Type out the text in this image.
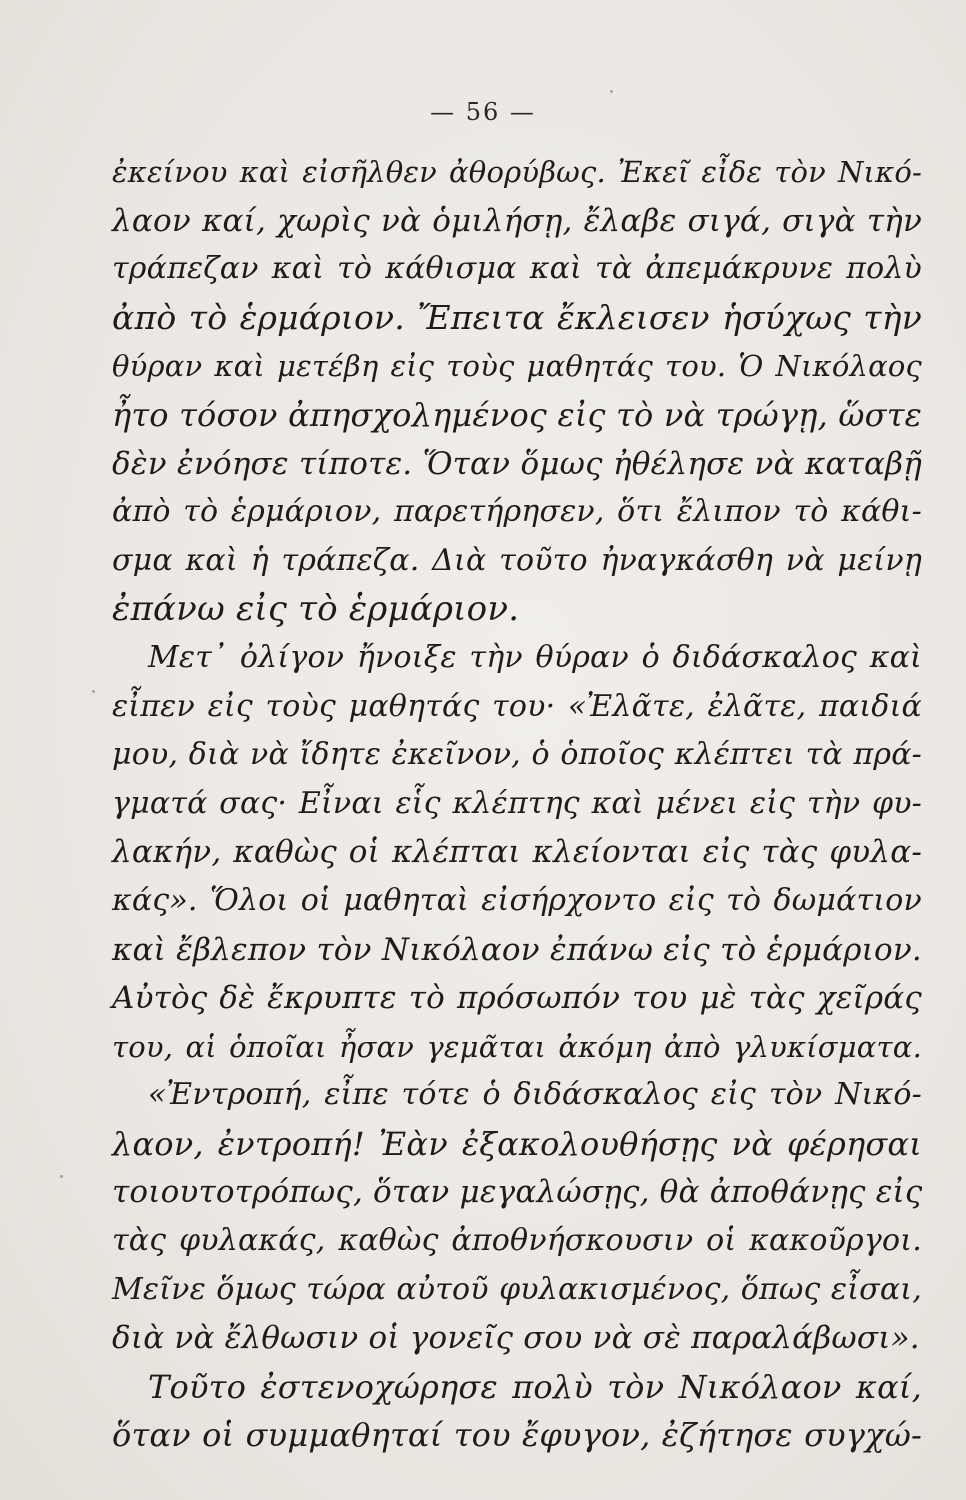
— 56 —
ἐκείνου καὶ εἰσῆλθεν ἀθορύβως. Ἐκεῖ εἶδε τὸν Νικό-
λαον καί, χωρὶς νὰ ὁμιλήσῃ, ἔλαβε σιγά, σιγὰ τὴν
τράπεζαν καὶ τὸ κάθισμα καὶ τὰ ἀπεμάκρυνε πολὺ
ἀπὸ τὸ ἑρμάριον. Ἔπειτα ἔκλεισεν ἡσύχως τὴν
θύραν καὶ μετέβη εἰς τοὺς μαθητάς του. Ὁ Νικόλαος
ἦτο τόσον ἀπησχολημένος εἰς τὸ νὰ τρώγῃ, ὥστε
δὲν ἐνόησε τίποτε. Ὅταν ὅμως ἠθέλησε νὰ καταβῇ
ἀπὸ τὸ ἑρμάριον, παρετήρησεν, ὅτι ἔλιπον τὸ κάθι-
σμα καὶ ἡ τράπεζα. Διὰ τοῦτο ἠναγκάσθη νὰ μείνῃ
ἐπάνω εἰς τὸ ἑρμάριον.
Μετ᾽ ὀλίγον ἤνοιξε τὴν θύραν ὁ διδάσκαλος καὶ
εἶπεν εἰς τοὺς μαθητάς του· «Ἐλᾶτε, ἐλᾶτε, παιδιά
μου, διὰ νὰ ἴδητε ἐκεῖνον, ὁ ὁποῖος κλέπτει τὰ πρά-
γματά σας· Εἶναι εἷς κλέπτης καὶ μένει εἰς τὴν φυ-
λακήν, καθὼς οἱ κλέπται κλείονται εἰς τὰς φυλα-
κάς». Ὅλοι οἱ μαθηταὶ εἰσήρχοντο εἰς τὸ δωμάτιον
καὶ ἔβλεπον τὸν Νικόλαον ἐπάνω εἰς τὸ ἑρμάριον.
Αὐτὸς δὲ ἔκρυπτε τὸ πρόσωπόν του μὲ τὰς χεῖράς
του, αἱ ὁποῖαι ἦσαν γεμᾶται ἀκόμη ἀπὸ γλυκίσματα.
«Ἐντροπή, εἶπε τότε ὁ διδάσκαλος εἰς τὸν Νικό-
λαον, ἐντροπή! Ἐὰν ἐξακολουθήσῃς νὰ φέρησαι
τοιουτοτρόπως, ὅταν μεγαλώσῃς, θὰ ἀποθάνῃς εἰς
τὰς φυλακάς, καθὼς ἀποθνήσκουσιν οἱ κακοῦργοι.
Μεῖνε ὅμως τώρα αὐτοῦ φυλακισμένος, ὅπως εἶσαι,
διὰ νὰ ἔλθωσιν οἱ γονεῖς σου νὰ σὲ παραλάβωσι».
Τοῦτο ἐστενοχώρησε πολὺ τὸν Νικόλαον καί,
ὅταν οἱ συμμαθηταί του ἔφυγον, ἐζήτησε συγχώ-
